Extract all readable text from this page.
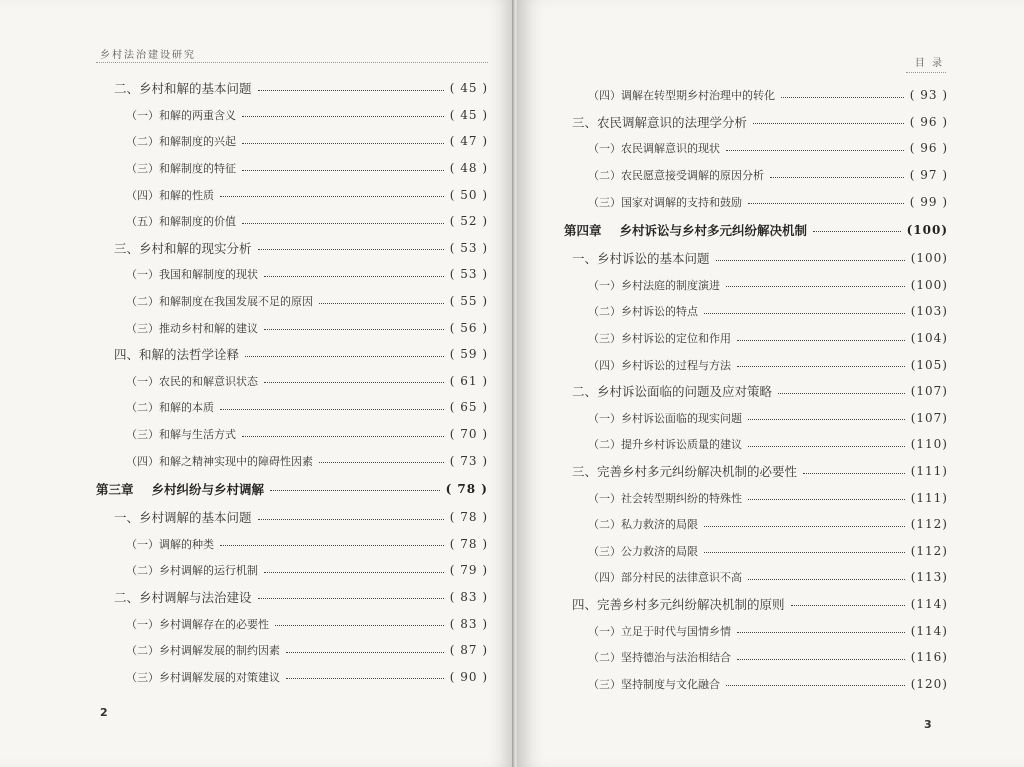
乡村法治建设研究
二、乡村和解的基本问题	( 45 )
（一）和解的两重含义	( 45 )
（二）和解制度的兴起	( 47 )
（三）和解制度的特征	( 48 )
（四）和解的性质	( 50 )
（五）和解制度的价值	( 52 )
三、乡村和解的现实分析	( 53 )
（一）我国和解制度的现状	( 53 )
（二）和解制度在我国发展不足的原因	( 55 )
（三）推动乡村和解的建议	( 56 )
四、和解的法哲学诠释	( 59 )
（一）农民的和解意识状态	( 61 )
（二）和解的本质	( 65 )
（三）和解与生活方式	( 70 )
（四）和解之精神实现中的障碍性因素	( 73 )
第三章 乡村纠纷与乡村调解	( 78 )
一、乡村调解的基本问题	( 78 )
（一）调解的种类	( 78 )
（二）乡村调解的运行机制	( 79 )
二、乡村调解与法治建设	( 83 )
（一）乡村调解存在的必要性	( 83 )
（二）乡村调解发展的制约因素	( 87 )
（三）乡村调解发展的对策建议	( 90 )
2
目 录
（四）调解在转型期乡村治理中的转化	( 93 )
三、农民调解意识的法理学分析	( 96 )
（一）农民调解意识的现状	( 96 )
（二）农民愿意接受调解的原因分析	( 97 )
（三）国家对调解的支持和鼓励	( 99 )
第四章 乡村诉讼与乡村多元纠纷解决机制	(100)
一、乡村诉讼的基本问题	(100)
（一）乡村法庭的制度演进	(100)
（二）乡村诉讼的特点	(103)
（三）乡村诉讼的定位和作用	(104)
（四）乡村诉讼的过程与方法	(105)
二、乡村诉讼面临的问题及应对策略	(107)
（一）乡村诉讼面临的现实问题	(107)
（二）提升乡村诉讼质量的建议	(110)
三、完善乡村多元纠纷解决机制的必要性	(111)
（一）社会转型期纠纷的特殊性	(111)
（二）私力救济的局限	(112)
（三）公力救济的局限	(112)
（四）部分村民的法律意识不高	(113)
四、完善乡村多元纠纷解决机制的原则	(114)
（一）立足于时代与国情乡情	(114)
（二）坚持德治与法治相结合	(116)
（三）坚持制度与文化融合	(120)
3
